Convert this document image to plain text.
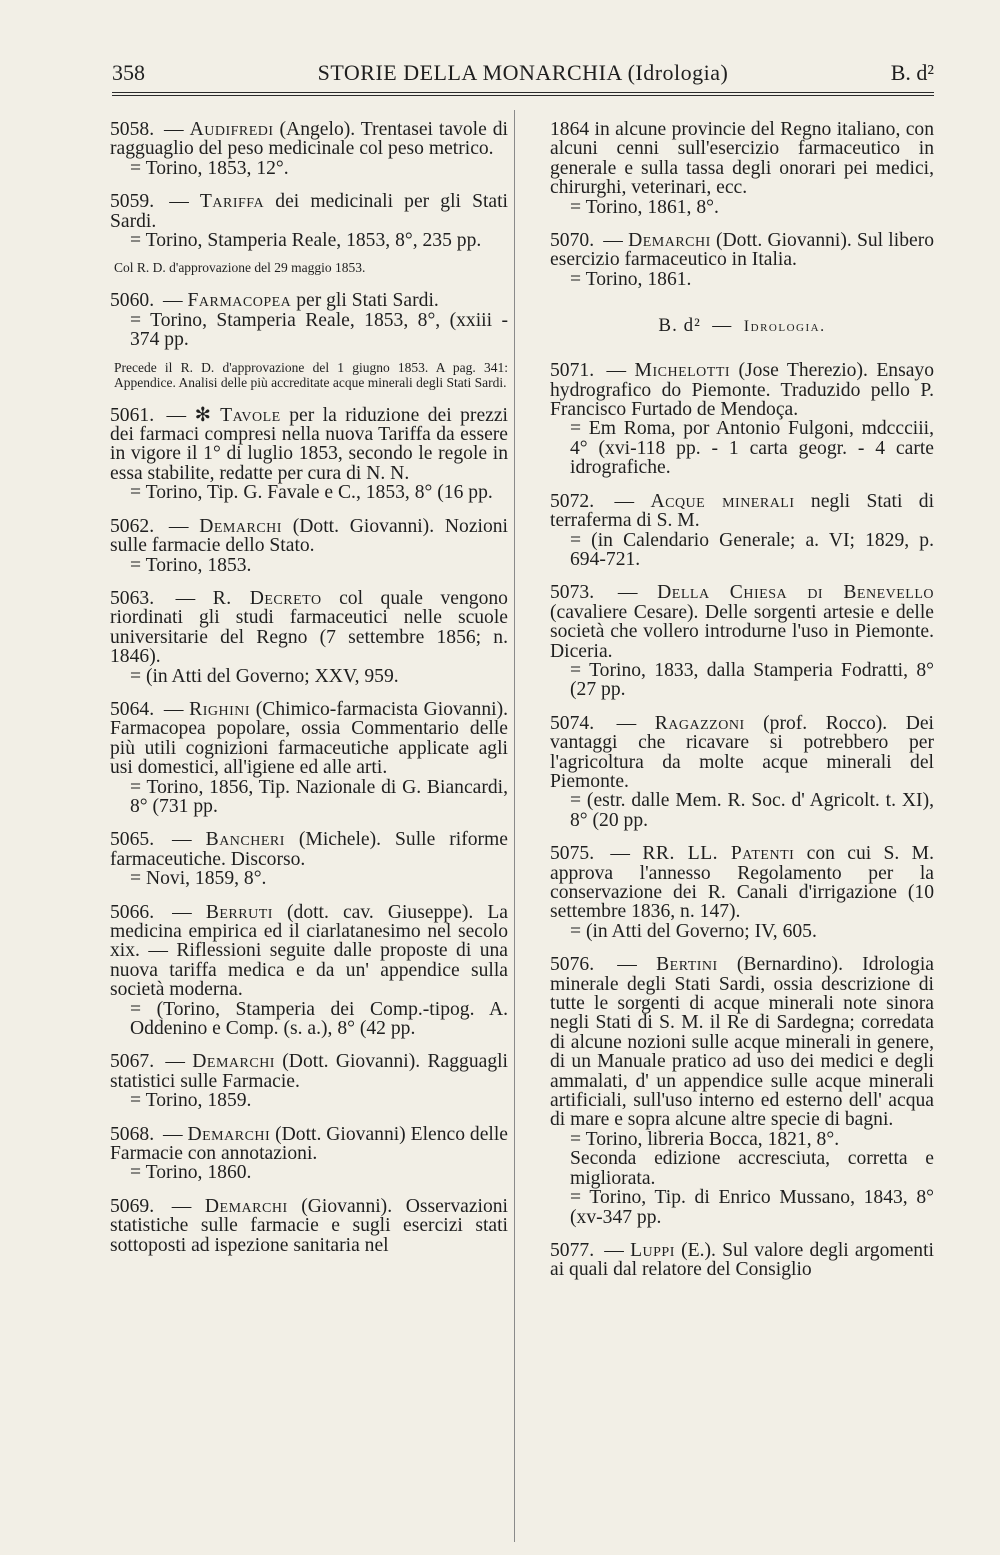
358	STORIE DELLA MONARCHIA (Idrologia)	B. d²
5058. — Audifredi (Angelo). Trentasei tavole di ragguaglio del peso medicinale col peso metrico.
= Torino, 1853, 12°.
5059. — Tariffa dei medicinali per gli Stati Sardi.
= Torino, Stamperia Reale, 1853, 8°, 235 pp.
Col R. D. d'approvazione del 29 maggio 1853.
5060. — Farmacopea per gli Stati Sardi.
= Torino, Stamperia Reale, 1853, 8°, (xxiii - 374 pp.
Precede il R. D. d'approvazione del 1 giugno 1853. A pag. 341: Appendice. Analisi delle più accreditate acque minerali degli Stati Sardi.
5061. — ✻ Tavole per la riduzione dei prezzi dei farmaci compresi nella nuova Tariffa da essere in vigore il 1° di luglio 1853, secondo le regole in essa stabilite, redatte per cura di N. N.
= Torino, Tip. G. Favale e C., 1853, 8° (16 pp.
5062. — Demarchi (Dott. Giovanni). Nozioni sulle farmacie dello Stato.
= Torino, 1853.
5063. — R. Decreto col quale vengono riordinati gli studi farmaceutici nelle scuole universitarie del Regno (7 settembre 1856; n. 1846).
= (in Atti del Governo; XXV, 959.
5064. — Righini (Chimico-farmacista Giovanni). Farmacopea popolare, ossia Commentario delle più utili cognizioni farmaceutiche applicate agli usi domestici, all'igiene ed alle arti.
= Torino, 1856, Tip. Nazionale di G. Biancardi, 8° (731 pp.
5065. — Bancheri (Michele). Sulle riforme farmaceutiche. Discorso.
= Novi, 1859, 8°.
5066. — Berruti (dott. cav. Giuseppe). La medicina empirica ed il ciarlatanesimo nel secolo xix. — Riflessioni seguite dalle proposte di una nuova tariffa medica e da un' appendice sulla società moderna.
= (Torino, Stamperia dei Comp.-tipog. A. Oddenino e Comp. (s. a.), 8° (42 pp.
5067. — Demarchi (Dott. Giovanni). Ragguagli statistici sulle Farmacie.
= Torino, 1859.
5068. — Demarchi (Dott. Giovanni) Elenco delle Farmacie con annotazioni.
= Torino, 1860.
5069. — Demarchi (Giovanni). Osservazioni statistiche sulle farmacie e sugli esercizi stati sottoposti ad ispezione sanitaria nel
1864 in alcune provincie del Regno italiano, con alcuni cenni sull'esercizio farmaceutico in generale e sulla tassa degli onorari pei medici, chirurghi, veterinari, ecc.
= Torino, 1861, 8°.
5070. — Demarchi (Dott. Giovanni). Sul libero esercizio farmaceutico in Italia.
= Torino, 1861.
B. d² — Idrologia.
5071. — Michelotti (Jose Therezio). Ensayo hydrografico do Piemonte. Traduzido pello P. Francisco Furtado de Mendoça.
= Em Roma, por Antonio Fulgoni, mdccciii, 4° (xvi-118 pp. - 1 carta geogr. - 4 carte idrografiche.
5072. — Acque minerali negli Stati di terraferma di S. M.
= (in Calendario Generale; a. VI; 1829, p. 694-721.
5073. — Della Chiesa di Benevello (cavaliere Cesare). Delle sorgenti artesie e delle società che vollero introdurne l'uso in Piemonte. Diceria.
= Torino, 1833, dalla Stamperia Fodratti, 8° (27 pp.
5074. — Ragazzoni (prof. Rocco). Dei vantaggi che ricavare si potrebbero per l'agricoltura da molte acque minerali del Piemonte.
= (estr. dalle Mem. R. Soc. d' Agricolt. t. XI), 8° (20 pp.
5075. — RR. LL. Patenti con cui S. M. approva l'annesso Regolamento per la conservazione dei R. Canali d'irrigazione (10 settembre 1836, n. 147).
= (in Atti del Governo; IV, 605.
5076. — Bertini (Bernardino). Idrologia minerale degli Stati Sardi, ossia descrizione di tutte le sorgenti di acque minerali note sinora negli Stati di S. M. il Re di Sardegna; corredata di alcune nozioni sulle acque minerali in genere, di un Manuale pratico ad uso dei medici e degli ammalati, d' un appendice sulle acque minerali artificiali, sull'uso interno ed esterno dell' acqua di mare e sopra alcune altre specie di bagni.
= Torino, libreria Bocca, 1821, 8°.
Seconda edizione accresciuta, corretta e migliorata.
= Torino, Tip. di Enrico Mussano, 1843, 8° (xv-347 pp.
5077. — Luppi (E.). Sul valore degli argomenti ai quali dal relatore del Consiglio
